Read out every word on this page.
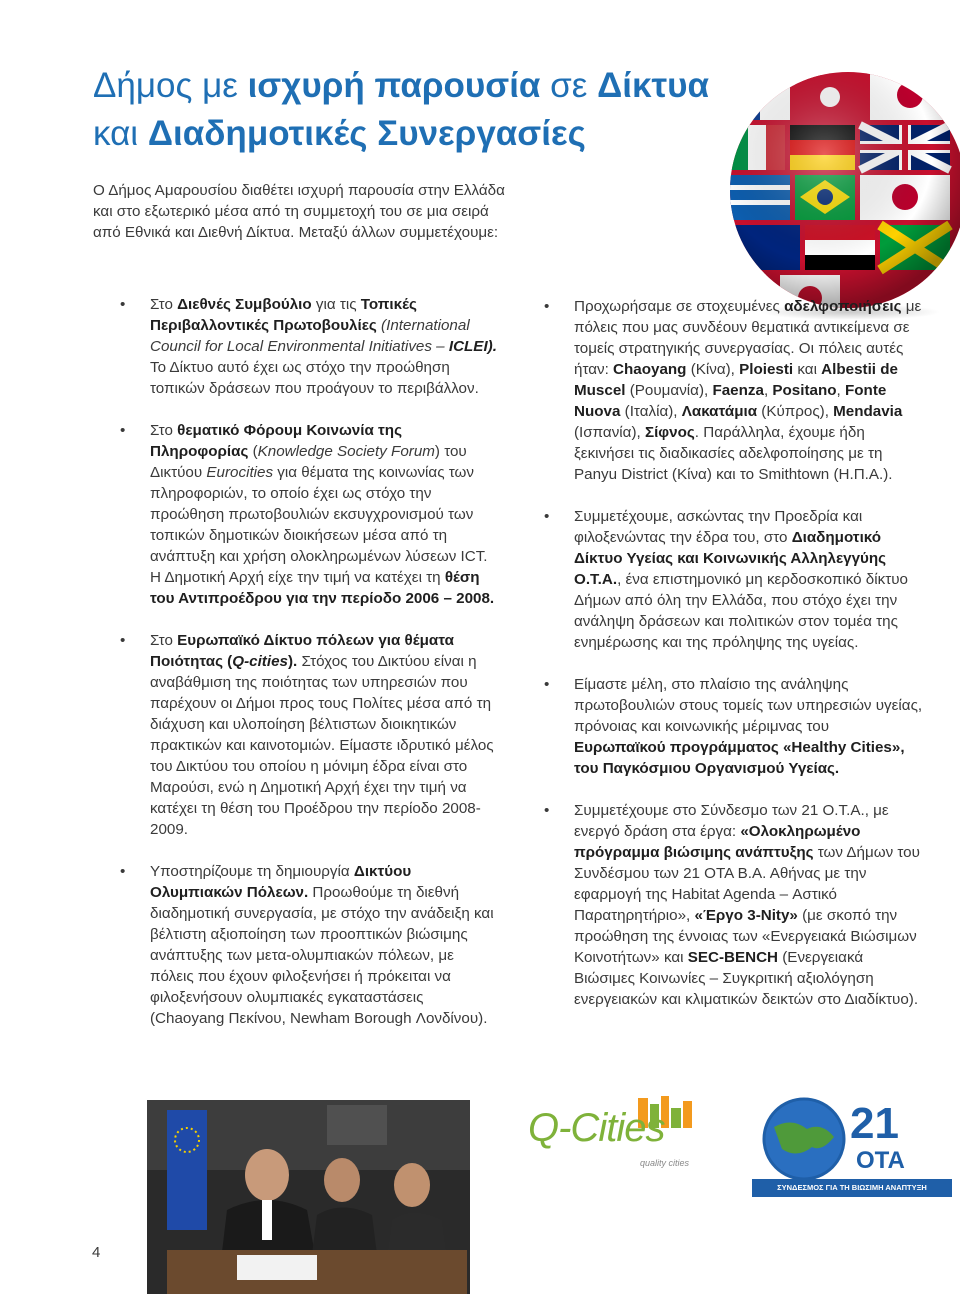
Δήμος με ισχυρή παρουσία σε Δίκτυα
και Διαδημοτικές Συνεργασίες

Ο Δήμος Αμαρουσίου διαθέτει ισχυρή παρουσία στην Ελλάδα και στο εξωτερικό μέσα από τη συμμετοχή του σε μια σειρά από Εθνικά και Διεθνή Δίκτυα. Μεταξύ άλλων συμμετέχουμε:

• Στο Διεθνές Συμβούλιο για τις Τοπικές Περιβαλλοντικές Πρωτοβουλίες (International Council for Local Environmental Initiatives – ICLEI). Το Δίκτυο αυτό έχει ως στόχο την προώθηση τοπικών δράσεων που προάγουν το περιβάλλον.
• Στο θεματικό Φόρουμ Κοινωνία της Πληροφορίας (Knowledge Society Forum) του Δικτύου Eurocities για θέματα της κοινωνίας των πληροφοριών, το οποίο έχει ως στόχο την προώθηση πρωτοβουλιών εκσυγχρονισμού των τοπικών δημοτικών διοικήσεων μέσα από τη ανάπτυξη και χρήση ολοκληρωμένων λύσεων ICT. Η Δημοτική Αρχή είχε την τιμή να κατέχει τη θέση του Αντιπροέδρου για την περίοδο 2006 – 2008.
• Στο Ευρωπαϊκό Δίκτυο πόλεων για θέματα Ποιότητας (Q-cities). Στόχος του Δικτύου είναι η αναβάθμιση της ποιότητας των υπηρεσιών που παρέχουν οι Δήμοι προς τους Πολίτες μέσα από τη διάχυση και υλοποίηση βέλτιστων διοικητικών πρακτικών και καινοτομιών. Είμαστε ιδρυτικό μέλος του Δικτύου του οποίου η μόνιμη έδρα είναι στο Μαρούσι, ενώ η Δημοτική Αρχή έχει την τιμή να κατέχει τη θέση του Προέδρου την περίοδο 2008-2009.
• Υποστηρίζουμε τη δημιουργία Δικτύου Ολυμπιακών Πόλεων. Προωθούμε τη διεθνή διαδημοτική συνεργασία, με στόχο την ανάδειξη και βέλτιστη αξιοποίηση των προοπτικών βιώσιμης ανάπτυξης των μετα-ολυμπιακών πόλεων, με πόλεις που έχουν φιλοξενήσει ή πρόκειται να φιλοξενήσουν ολυμπιακές εγκαταστάσεις (Chaoyang Πεκίνου, Newham Borough Λονδίνου).
• Προχωρήσαμε σε στοχευμένες αδελφοποιήσεις με πόλεις που μας συνδέουν θεματικά αντικείμενα σε τομείς στρατηγικής συνεργασίας. Οι πόλεις αυτές ήταν: Chaoyang (Κίνα), Ploiesti και Albestii de Muscel (Ρουμανία), Faenza, Positano, Fonte Nuova (Ιταλία), Λακατάμια (Κύπρος), Mendavia (Ισπανία), Σίφνος. Παράλληλα, έχουμε ήδη ξεκινήσει τις διαδικασίες αδελφοποίησης με τη Panyu District (Κίνα) και το Smithtown (Η.Π.Α.).
• Συμμετέχουμε, ασκώντας την Προεδρία και φιλοξενώντας την έδρα του, στο Διαδημοτικό Δίκτυο Υγείας και Κοινωνικής Αλληλεγγύης Ο.Τ.Α., ένα επιστημονικό μη κερδοσκοπικό δίκτυο Δήμων από όλη την Ελλάδα, που στόχο έχει την ανάληψη δράσεων και πολιτικών στον τομέα της ενημέρωσης και της πρόληψης της υγείας.
• Είμαστε μέλη, στο πλαίσιο της ανάληψης πρωτοβουλιών στους τομείς των υπηρεσιών υγείας, πρόνοιας και κοινωνικής μέριμνας του Ευρωπαϊκού προγράμματος «Healthy Cities», του Παγκόσμιου Οργανισμού Υγείας.
• Συμμετέχουμε στο Σύνδεσμο των 21 Ο.Τ.Α., με ενεργό δράση στα έργα: «Ολοκληρωμένο πρόγραμμα βιώσιμης ανάπτυξης των Δήμων του Συνδέσμου των 21 ΟΤΑ Β.Α. Αθήνας με την εφαρμογή της Habitat Agenda – Αστικό Παρατηρητήριο», «Έργο 3-Nity» (με σκοπό την προώθηση της έννοιας των «Ενεργειακά Βιώσιμων Κοινοτήτων» και SEC-BENCH (Ενεργειακά Βιώσιμες Κοινωνίες – Συγκριτική αξιολόγηση ενεργειακών και κλιματικών δεικτών στο Διαδίκτυο).
Q-Cities
quality cities
21
ΟΤΑ
ΣΥΝΔΕΣΜΟΣ ΓΙΑ ΤΗ ΒΙΩΣΙΜΗ ΑΝΑΠΤΥΞΗ
4
